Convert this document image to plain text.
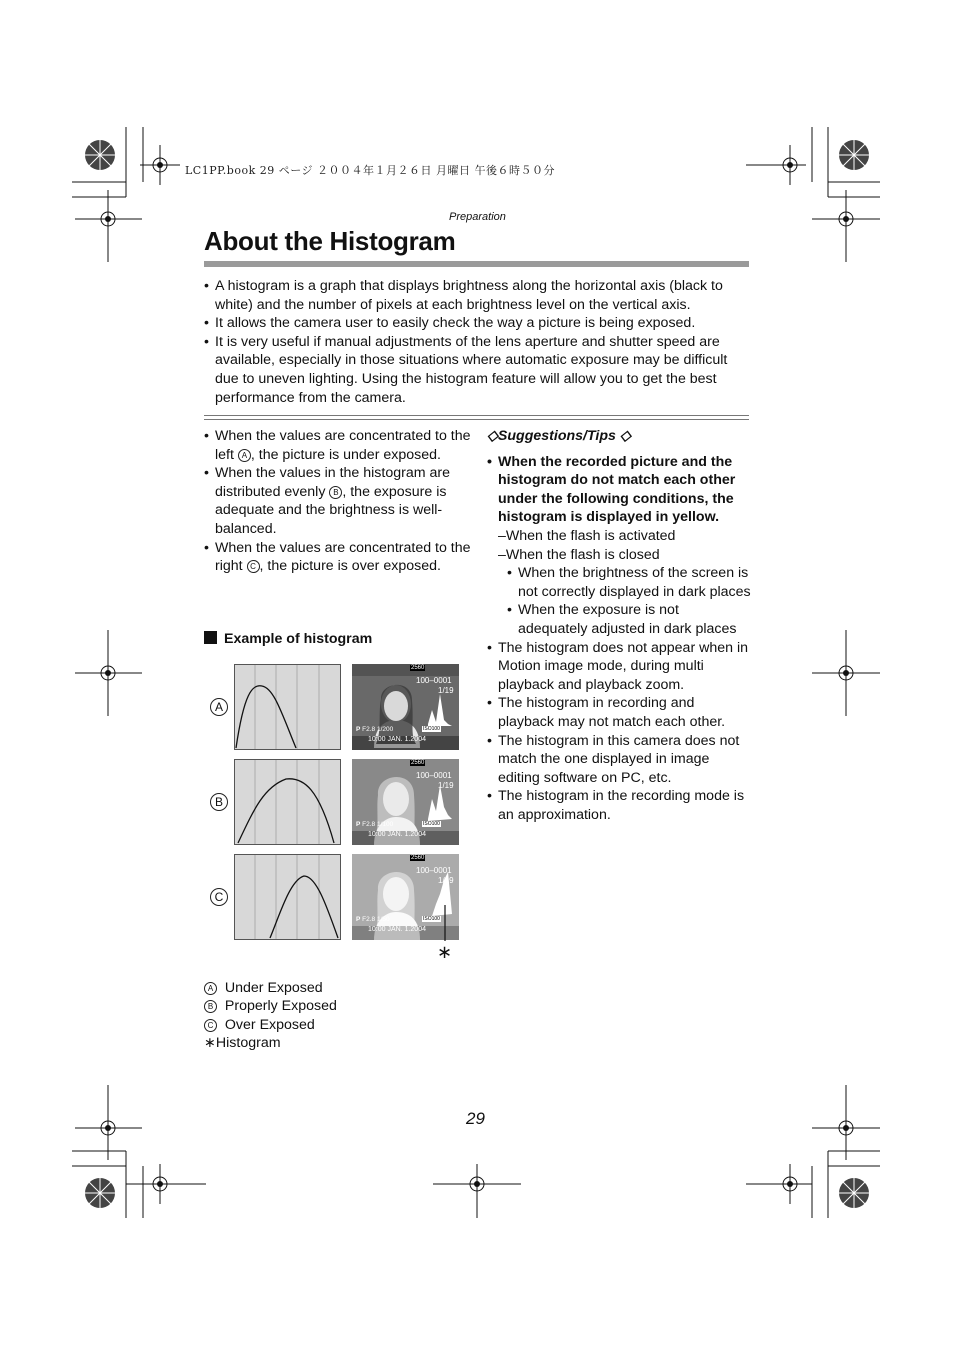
LC1PP.book 29 ページ ２００４年１月２６日 月曜日 午後６時５０分
Preparation
About the Histogram
• A histogram is a graph that displays brightness along the horizontal axis (black to white) and the number of pixels at each brightness level on the vertical axis.
• It allows the camera user to easily check the way a picture is being exposed.
• It is very useful if manual adjustments of the lens aperture and shutter speed are available, especially in those situations where automatic exposure may be difficult due to uneven lighting. Using the histogram feature will allow you to get the best performance from the camera.
• When the values are concentrated to the left A , the picture is under exposed.
• When the values in the histogram are distributed evenly B , the exposure is adequate and the brightness is well-balanced.
• When the values are concentrated to the right C , the picture is over exposed.
Example of histogram
A
B
C
2560
100–0001
1/19
P F2.8 1/200	ISO100
10:00 JAN. 1.2004
2560
100–0001
1/19
P F2.8 1/100	ISO100
10:00 JAN. 1.2004
2560
100–0001
1/19
P F2.8 1/50	ISO100
10:00 JAN. 1.2004
∗
A Under Exposed
B Properly Exposed
C Over Exposed
∗Histogram
◇Suggestions/Tips ◇
• When the recorded picture and the histogram do not match each other under the following conditions, the histogram is displayed in yellow.
–When the flash is activated
–When the flash is closed
• When the brightness of the screen is not correctly displayed in dark places
• When the exposure is not adequately adjusted in dark places
• The histogram does not appear when in Motion image mode, during multi playback and playback zoom.
• The histogram in recording and playback may not match each other.
• The histogram in this camera does not match the one displayed in image editing software on PC, etc.
• The histogram in the recording mode is an approximation.
29
